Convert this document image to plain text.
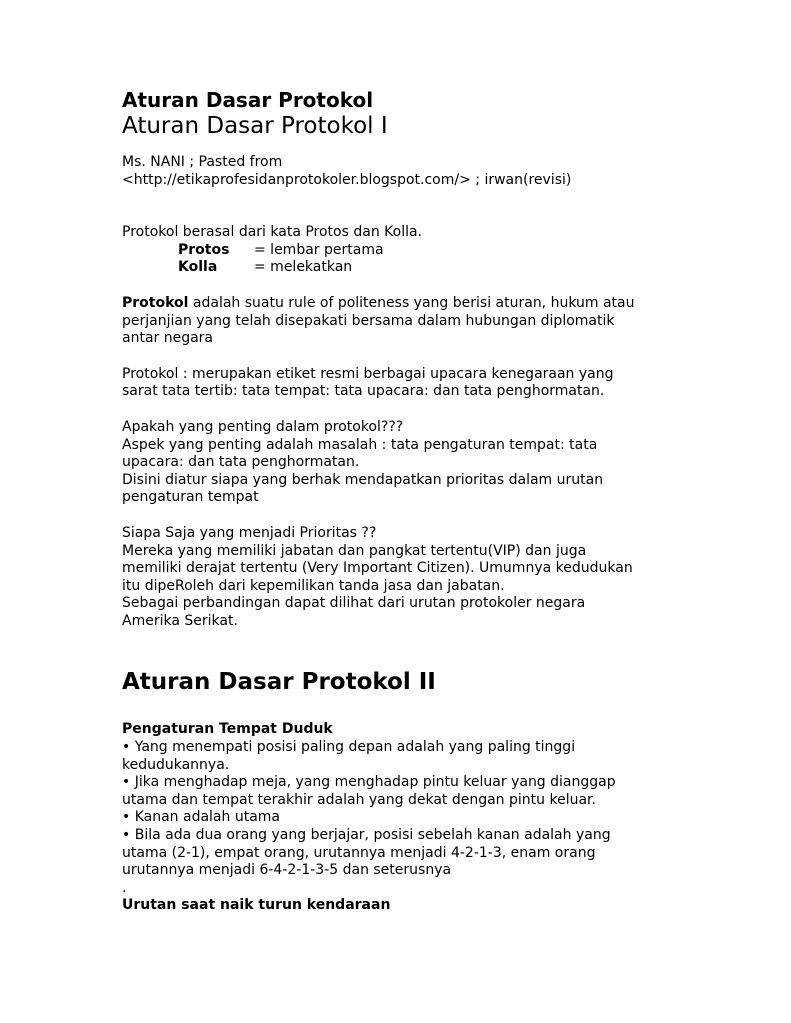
Aturan Dasar Protokol

Aturan Dasar Protokol I

Ms. NANI ; Pasted from

<http://etikaprofesidanprotokoler.blogspot.com/> ; irwan(revisi)

Protokol berasal dari kata Protos dan Kolla.

Protos	= lembar pertama
Kolla	= melekatkan

Protokol adalah suatu rule of politeness yang berisi aturan, hukum atau

perjanjian yang telah disepakati bersama dalam hubungan diplomatik

antar negara

Protokol : merupakan etiket resmi berbagai upacara kenegaraan yang

sarat tata tertib: tata tempat: tata upacara: dan tata penghormatan.

Apakah yang penting dalam protokol???

Aspek yang penting adalah masalah : tata pengaturan tempat: tata

upacara: dan tata penghormatan.

Disini diatur siapa yang berhak mendapatkan prioritas dalam urutan

pengaturan tempat

Siapa Saja yang menjadi Prioritas ??

Mereka yang memiliki jabatan dan pangkat tertentu(VIP) dan juga

memiliki derajat tertentu (Very Important Citizen). Umumnya kedudukan

itu dipeRoleh dari kepemilikan tanda jasa dan jabatan.

Sebagai perbandingan dapat dilihat dari urutan protokoler negara

Amerika Serikat.

Aturan Dasar Protokol II

Pengaturan Tempat Duduk

• Yang menempati posisi paling depan adalah yang paling tinggi

kedudukannya.

• Jika menghadap meja, yang menghadap pintu keluar yang dianggap

utama dan tempat terakhir adalah yang dekat dengan pintu keluar.

• Kanan adalah utama

• Bila ada dua orang yang berjajar, posisi sebelah kanan adalah yang

utama (2-1), empat orang, urutannya menjadi 4-2-1-3, enam orang

urutannya menjadi 6-4-2-1-3-5 dan seterusnya

.

Urutan saat naik turun kendaraan
